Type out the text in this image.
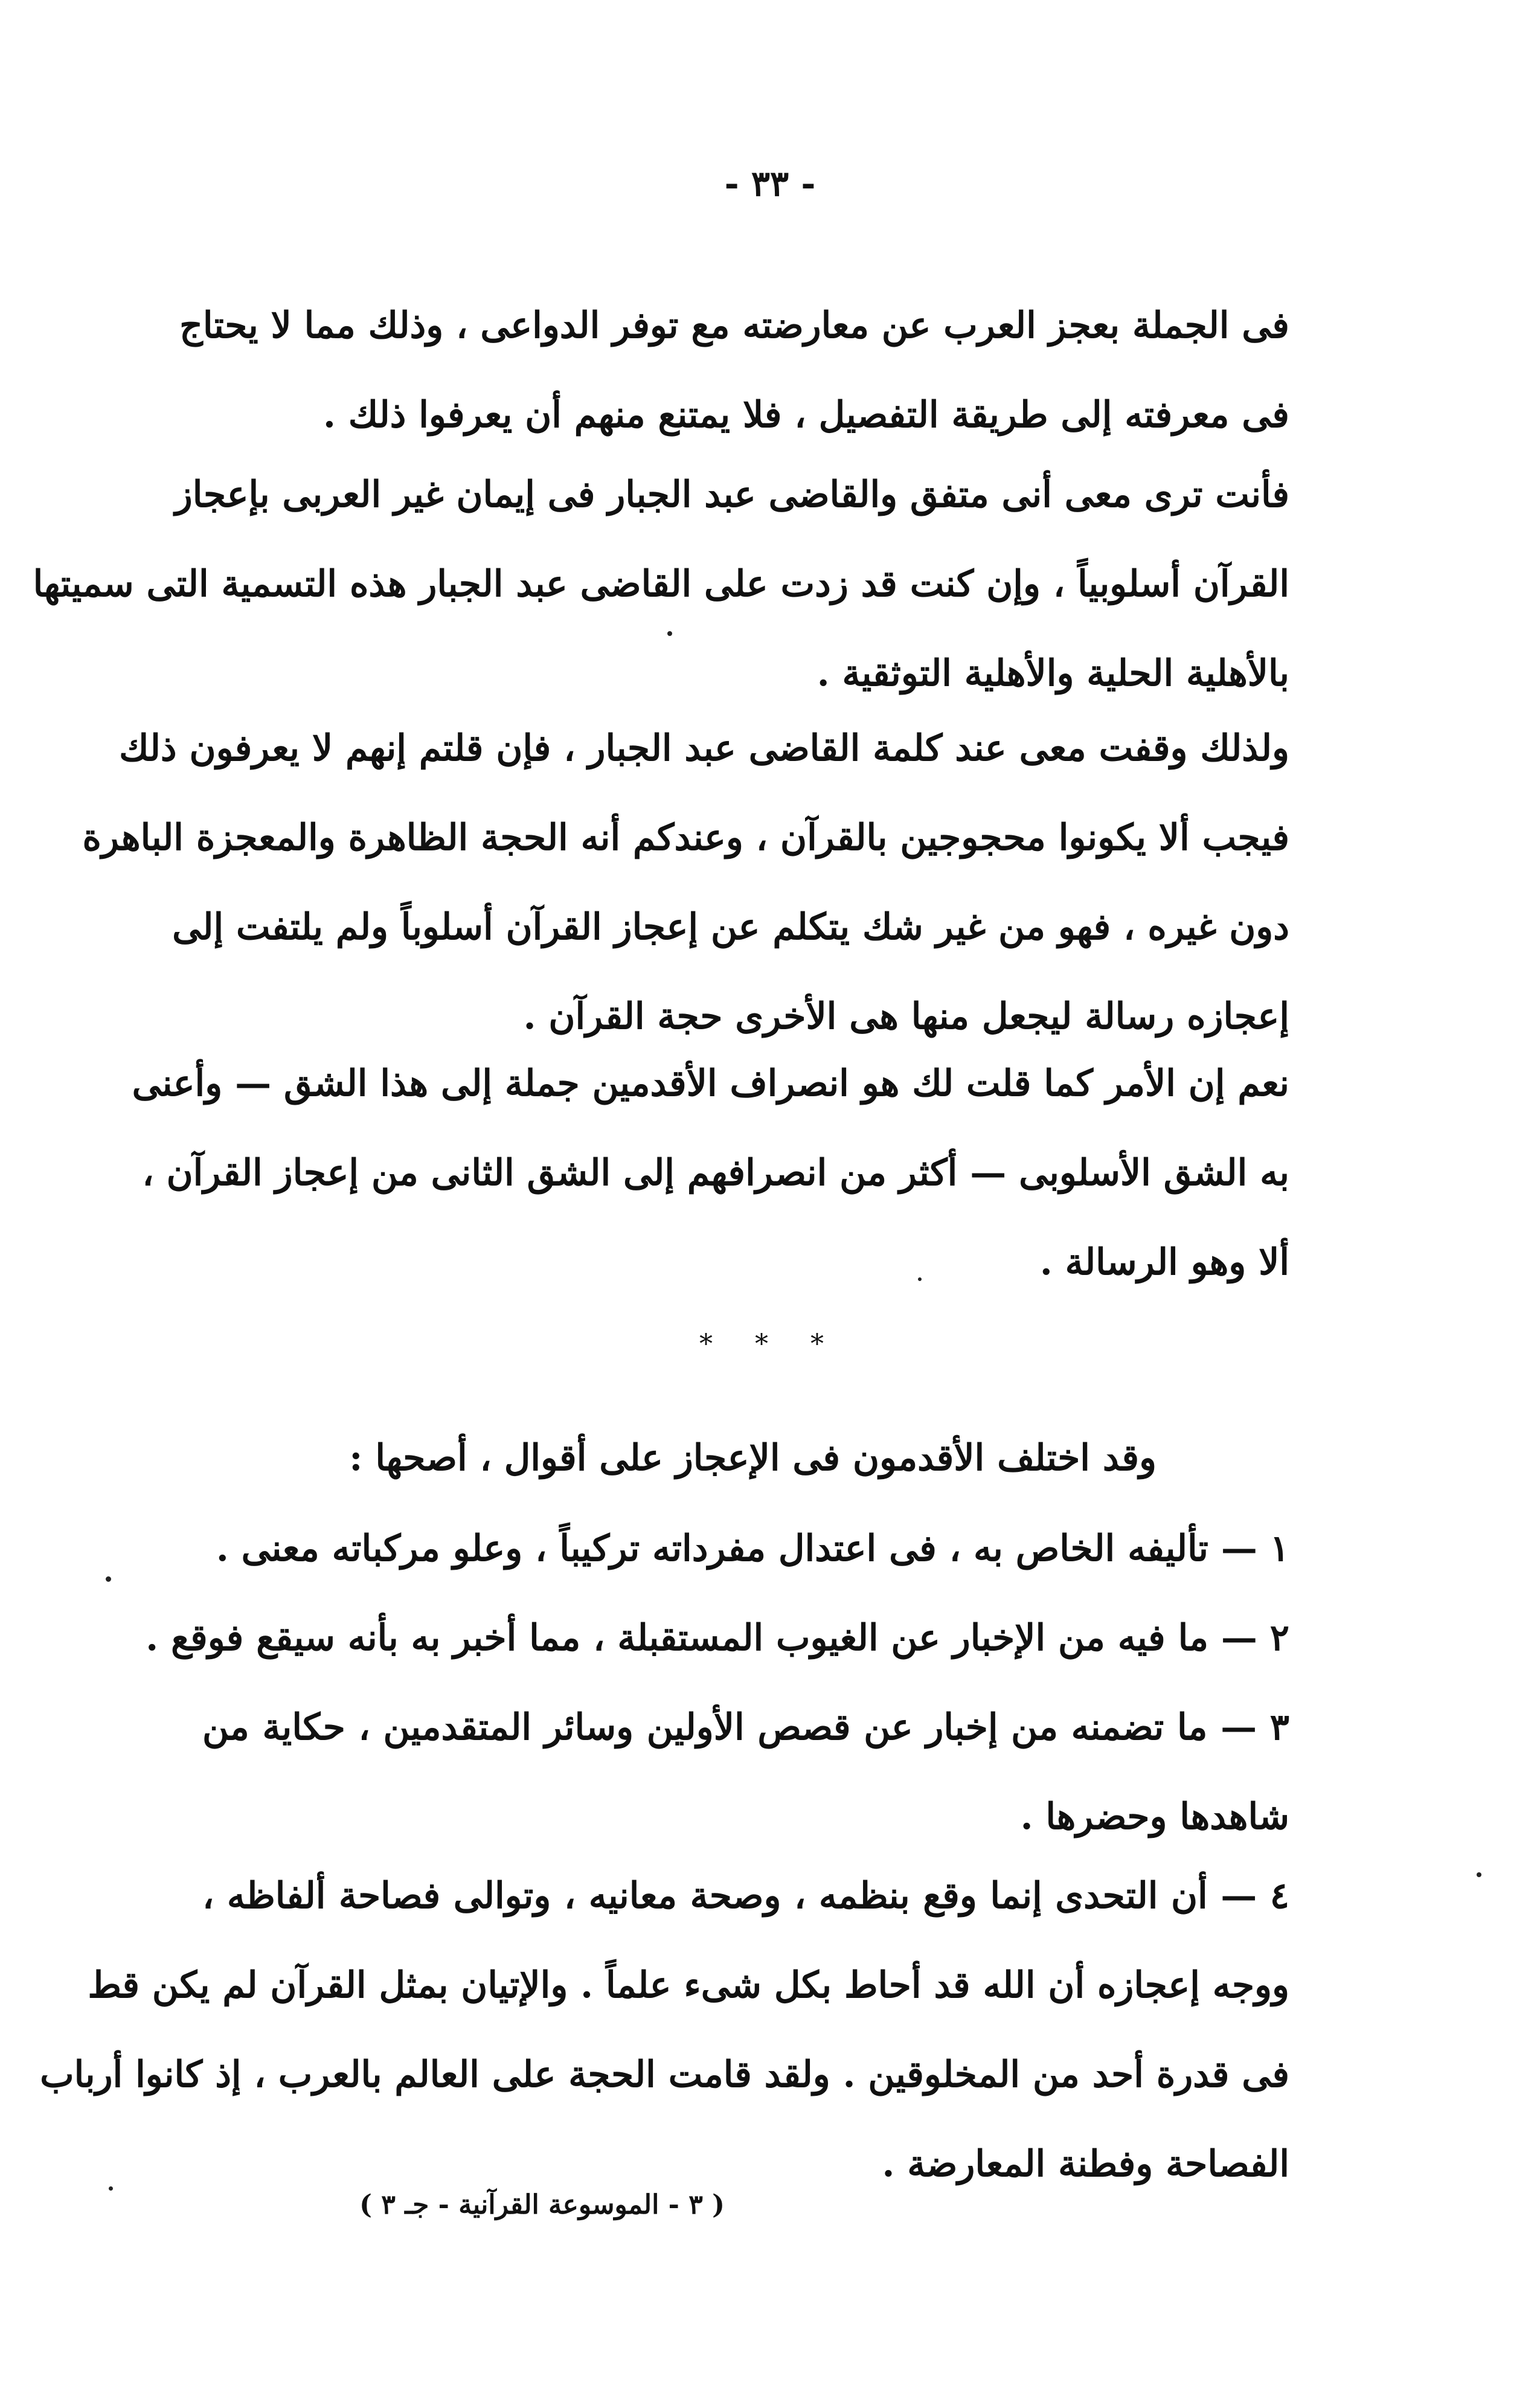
- ٣٣ -
فى الجملة بعجز العرب عن معارضته مع توفر الدواعى ، وذلك مما لا يحتاج
فى معرفته إلى طريقة التفصيل ، فلا يمتنع منهم أن يعرفوا ذلك .
فأنت ترى معى أنى متفق والقاضى عبد الجبار فى إيمان غير العربى بإعجاز
القرآن أسلوبياً ، وإن كنت قد زدت على القاضى عبد الجبار هذه التسمية التى سميتها
بالأهلية الحلية والأهلية التوثقية .
ولذلك وقفت معى عند كلمة القاضى عبد الجبار ، فإن قلتم إنهم لا يعرفون ذلك
فيجب ألا يكونوا محجوجين بالقرآن ، وعندكم أنه الحجة الظاهرة والمعجزة الباهرة
دون غيره ، فهو من غير شك يتكلم عن إعجاز القرآن أسلوباً ولم يلتفت إلى
إعجازه رسالة ليجعل منها هى الأخرى حجة القرآن .
نعم إن الأمر كما قلت لك هو انصراف الأقدمين جملة إلى هذا الشق — وأعنى
به الشق الأسلوبى — أكثر من انصرافهم إلى الشق الثانى من إعجاز القرآن ،
ألا وهو الرسالة .
* * *
وقد اختلف الأقدمون فى الإعجاز على أقوال ، أصحها :
١ — تأليفه الخاص به ، فى اعتدال مفرداته تركيباً ، وعلو مركباته معنى .
٢ — ما فيه من الإخبار عن الغيوب المستقبلة ، مما أخبر به بأنه سيقع فوقع .
٣ — ما تضمنه من إخبار عن قصص الأولين وسائر المتقدمين ، حكاية من
شاهدها وحضرها .
٤ — أن التحدى إنما وقع بنظمه ، وصحة معانيه ، وتوالى فصاحة ألفاظه ،
ووجه إعجازه أن الله قد أحاط بكل شىء علماً . والإتيان بمثل القرآن لم يكن قط
فى قدرة أحد من المخلوقين . ولقد قامت الحجة على العالم بالعرب ، إذ كانوا أرباب
الفصاحة وفطنة المعارضة .
( ٣ - الموسوعة القرآنية - جـ ٣ )
